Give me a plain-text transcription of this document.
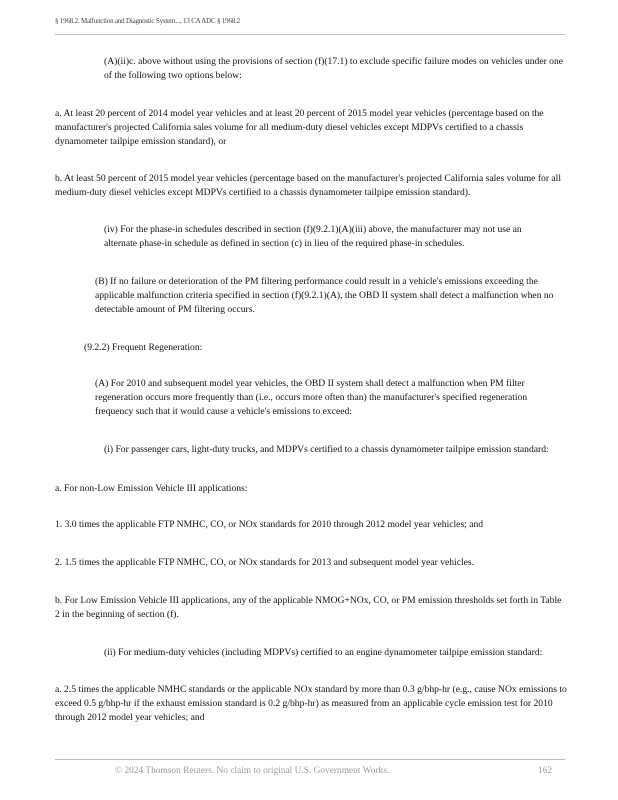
§ 1968.2. Malfunction and Diagnostic System..., 13 CA ADC § 1968.2
(A)(ii)c. above without using the provisions of section (f)(17.1) to exclude specific failure modes on vehicles under one of the following two options below:
a. At least 20 percent of 2014 model year vehicles and at least 20 percent of 2015 model year vehicles (percentage based on the manufacturer's projected California sales volume for all medium-duty diesel vehicles except MDPVs certified to a chassis dynamometer tailpipe emission standard), or
b. At least 50 percent of 2015 model year vehicles (percentage based on the manufacturer's projected California sales volume for all medium-duty diesel vehicles except MDPVs certified to a chassis dynamometer tailpipe emission standard).
(iv) For the phase-in schedules described in section (f)(9.2.1)(A)(iii) above, the manufacturer may not use an alternate phase-in schedule as defined in section (c) in lieu of the required phase-in schedules.
(B) If no failure or deterioration of the PM filtering performance could result in a vehicle's emissions exceeding the applicable malfunction criteria specified in section (f)(9.2.1)(A), the OBD II system shall detect a malfunction when no detectable amount of PM filtering occurs.
(9.2.2) Frequent Regeneration:
(A) For 2010 and subsequent model year vehicles, the OBD II system shall detect a malfunction when PM filter regeneration occurs more frequently than (i.e., occurs more often than) the manufacturer's specified regeneration frequency such that it would cause a vehicle's emissions to exceed:
(i) For passenger cars, light-duty trucks, and MDPVs certified to a chassis dynamometer tailpipe emission standard:
a. For non-Low Emission Vehicle III applications:
1. 3.0 times the applicable FTP NMHC, CO, or NOx standards for 2010 through 2012 model year vehicles; and
2. 1.5 times the applicable FTP NMHC, CO, or NOx standards for 2013 and subsequent model year vehicles.
b. For Low Emission Vehicle III applications, any of the applicable NMOG+NOx, CO, or PM emission thresholds set forth in Table 2 in the beginning of section (f).
(ii) For medium-duty vehicles (including MDPVs) certified to an engine dynamometer tailpipe emission standard:
a. 2.5 times the applicable NMHC standards or the applicable NOx standard by more than 0.3 g/bhp-hr (e.g., cause NOx emissions to exceed 0.5 g/bhp-hr if the exhaust emission standard is 0.2 g/bhp-hr) as measured from an applicable cycle emission test for 2010 through 2012 model year vehicles; and
© 2024 Thomson Reuters. No claim to original U.S. Government Works.	162
